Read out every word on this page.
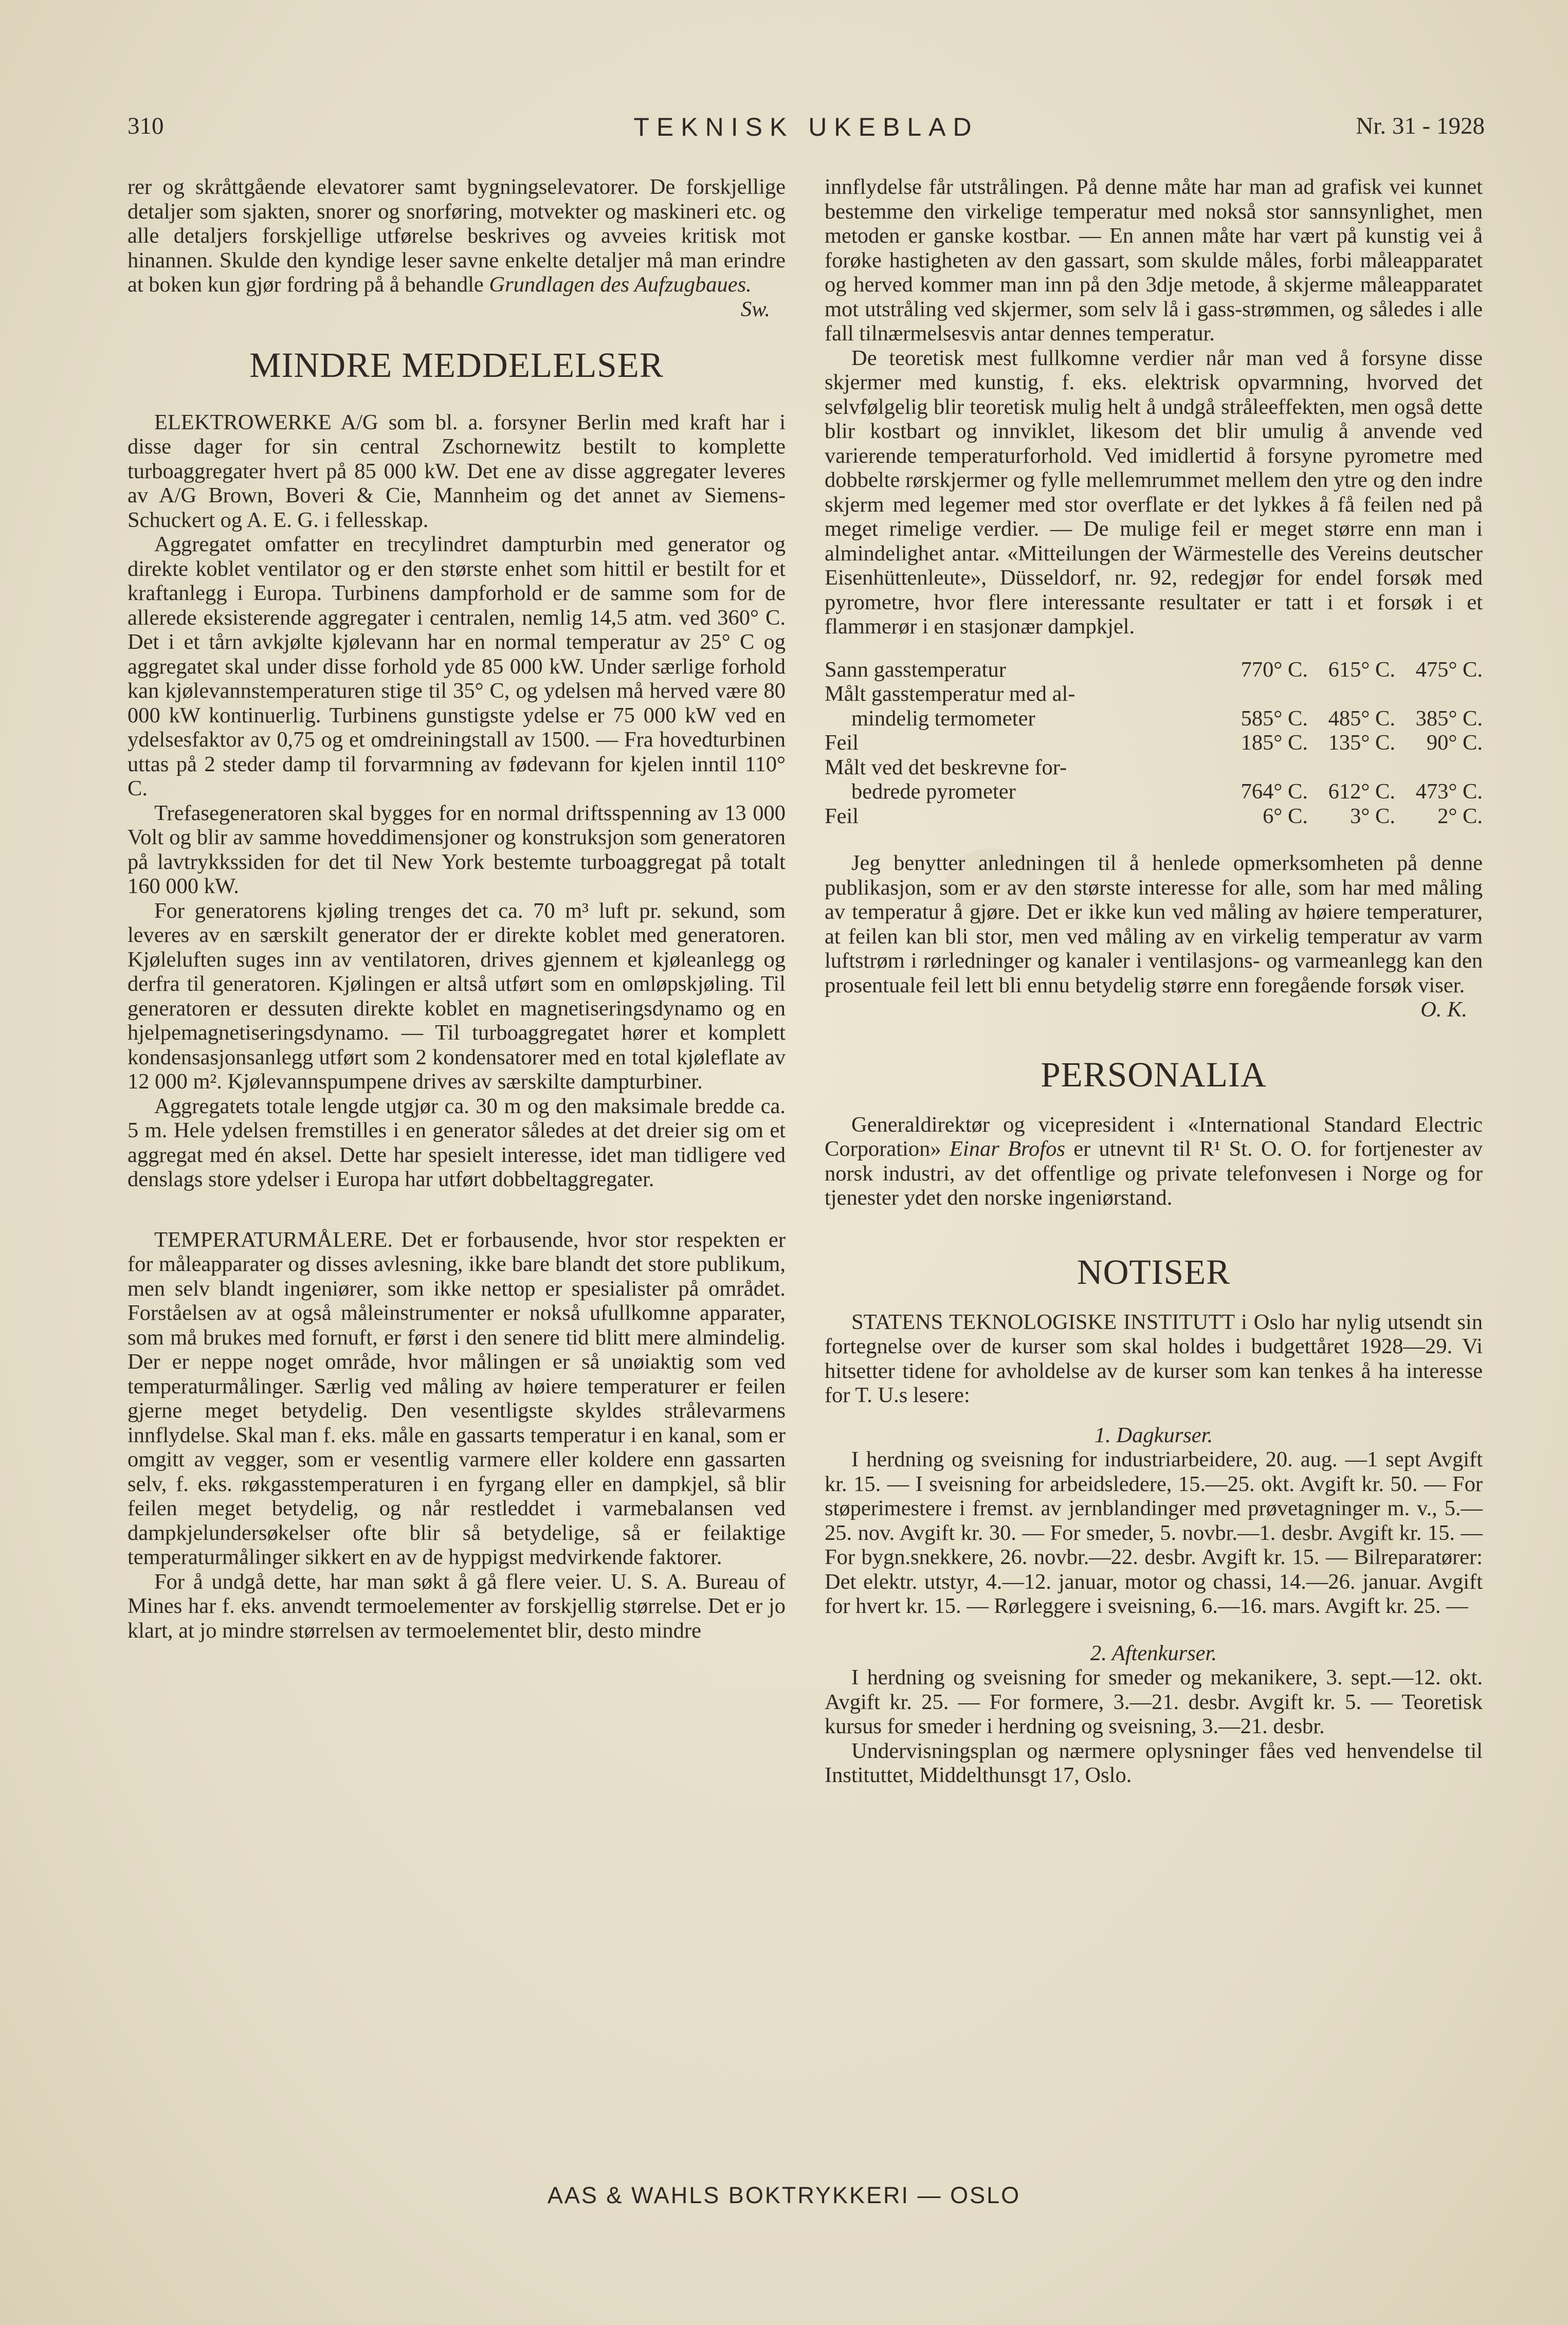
310	TEKNISK UKEBLAD	Nr. 31 - 1928

rer og skråttgående elevatorer samt bygningselevatorer. De forskjellige detaljer som sjakten, snorer og snorføring, motvekter og maskineri etc. og alle detaljers forskjellige utførelse beskrives og avveies kritisk mot hinannen. Skulde den kyndige leser savne enkelte detaljer må man erindre at boken kun gjør fordring på å behandle Grundlagen des Aufzugbaues.
Sw.

MINDRE MEDDELELSER

ELEKTROWERKE A/G som bl. a. forsyner Berlin med kraft har i disse dager for sin central Zschornewitz bestilt to komplette turboaggregater hvert på 85 000 kW. Det ene av disse aggregater leveres av A/G Brown, Boveri & Cie, Mannheim og det annet av Siemens-Schuckert og A. E. G. i fellesskap.

Aggregatet omfatter en trecylindret dampturbin med generator og direkte koblet ventilator og er den største enhet som hittil er bestilt for et kraftanlegg i Europa. Turbinens dampforhold er de samme som for de allerede eksisterende aggregater i centralen, nemlig 14,5 atm. ved 360° C. Det i et tårn avkjølte kjølevann har en normal temperatur av 25° C og aggregatet skal under disse forhold yde 85 000 kW. Under særlige forhold kan kjølevannstemperaturen stige til 35° C, og ydelsen må herved være 80 000 kW kontinuerlig. Turbinens gunstigste ydelse er 75 000 kW ved en ydelsesfaktor av 0,75 og et omdreiningstall av 1500. — Fra hovedturbinen uttas på 2 steder damp til forvarmning av fødevann for kjelen inntil 110° C.

Trefasegeneratoren skal bygges for en normal driftsspenning av 13 000 Volt og blir av samme hoveddimensjoner og konstruksjon som generatoren på lavtrykkssiden for det til New York bestemte turboaggregat på totalt 160 000 kW.

For generatorens kjøling trenges det ca. 70 m³ luft pr. sekund, som leveres av en særskilt generator der er direkte koblet med generatoren. Kjøleluften suges inn av ventilatoren, drives gjennem et kjøleanlegg og derfra til generatoren. Kjølingen er altså utført som en omløpskjøling. Til generatoren er dessuten direkte koblet en magnetiseringsdynamo og en hjelpemagnetiseringsdynamo. — Til turboaggregatet hører et komplett kondensasjonsanlegg utført som 2 kondensatorer med en total kjøleflate av 12 000 m². Kjølevannspumpene drives av særskilte dampturbiner.

Aggregatets totale lengde utgjør ca. 30 m og den maksimale bredde ca. 5 m. Hele ydelsen fremstilles i en generator således at det dreier sig om et aggregat med én aksel. Dette har spesielt interesse, idet man tidligere ved denslags store ydelser i Europa har utført dobbeltaggregater.

TEMPERATURMÅLERE. Det er forbausende, hvor stor respekten er for måleapparater og disses avlesning, ikke bare blandt det store publikum, men selv blandt ingeniører, som ikke nettop er spesialister på området. Forståelsen av at også måleinstrumenter er nokså ufullkomne apparater, som må brukes med fornuft, er først i den senere tid blitt mere almindelig. Der er neppe noget område, hvor målingen er så unøiaktig som ved temperaturmålinger. Særlig ved måling av høiere temperaturer er feilen gjerne meget betydelig. Den vesentligste skyldes strålevarmens innflydelse. Skal man f. eks. måle en gassarts temperatur i en kanal, som er omgitt av vegger, som er vesentlig varmere eller koldere enn gassarten selv, f. eks. røkgasstemperaturen i en fyrgang eller en dampkjel, så blir feilen meget betydelig, og når restleddet i varmebalansen ved dampkjelundersøkelser ofte blir så betydelige, så er feilaktige temperaturmålinger sikkert en av de hyppigst medvirkende faktorer.

For å undgå dette, har man søkt å gå flere veier. U. S. A. Bureau of Mines har f. eks. anvendt termoelementer av forskjellig størrelse. Det er jo klart, at jo mindre størrelsen av termoelementet blir, desto mindre

innflydelse får utstrålingen. På denne måte har man ad grafisk vei kunnet bestemme den virkelige temperatur med nokså stor sannsynlighet, men metoden er ganske kostbar. — En annen måte har vært på kunstig vei å forøke hastigheten av den gassart, som skulde måles, forbi måleapparatet og herved kommer man inn på den 3dje metode, å skjerme måleapparatet mot utstråling ved skjermer, som selv lå i gass-strømmen, og således i alle fall tilnærmelsesvis antar dennes temperatur.

De teoretisk mest fullkomne verdier når man ved å forsyne disse skjermer med kunstig, f. eks. elektrisk opvarmning, hvorved det selvfølgelig blir teoretisk mulig helt å undgå stråleeffekten, men også dette blir kostbart og innviklet, likesom det blir umulig å anvende ved varierende temperaturforhold. Ved imidlertid å forsyne pyrometre med dobbelte rørskjermer og fylle mellemrummet mellem den ytre og den indre skjerm med legemer med stor overflate er det lykkes å få feilen ned på meget rimelige verdier. — De mulige feil er meget større enn man i almindelighet antar. «Mitteilungen der Wärmestelle des Vereins deutscher Eisenhüttenleute», Düsseldorf, nr. 92, redegjør for endel forsøk med pyrometre, hvor flere interessante resultater er tatt i et forsøk i et flammerør i en stasjonær dampkjel.

Sann gasstemperatur	770° C.	615° C.	475° C.
Målt gasstemperatur med al-
mindelig termometer	585° C.	485° C.	385° C.
Feil	185° C.	135° C.	90° C.
Målt ved det beskrevne for-
bedrede pyrometer	764° C.	612° C.	473° C.
Feil	6° C.	3° C.	2° C.

Jeg benytter anledningen til å henlede opmerksomheten på denne publikasjon, som er av den største interesse for alle, som har med måling av temperatur å gjøre. Det er ikke kun ved måling av høiere temperaturer, at feilen kan bli stor, men ved måling av en virkelig temperatur av varm luftstrøm i rørledninger og kanaler i ventilasjons- og varmeanlegg kan den prosentuale feil lett bli ennu betydelig større enn foregående forsøk viser.
O. K.

PERSONALIA

Generaldirektør og vicepresident i «International Standard Electric Corporation» Einar Brofos er utnevnt til R¹ St. O. O. for fortjenester av norsk industri, av det offentlige og private telefonvesen i Norge og for tjenester ydet den norske ingeniørstand.

NOTISER

STATENS TEKNOLOGISKE INSTITUTT i Oslo har nylig utsendt sin fortegnelse over de kurser som skal holdes i budgettåret 1928—29. Vi hitsetter tidene for avholdelse av de kurser som kan tenkes å ha interesse for T. U.s lesere:

1. Dagkurser.

I herdning og sveisning for industriarbeidere, 20. aug. —1 sept Avgift kr. 15. — I sveisning for arbeidsledere, 15.—25. okt. Avgift kr. 50. — For støperimestere i fremst. av jernblandinger med prøvetagninger m. v., 5.—25. nov. Avgift kr. 30. — For smeder, 5. novbr.—1. desbr. Avgift kr. 15. — For bygn.snekkere, 26. novbr.—22. desbr. Avgift kr. 15. — Bilreparatører: Det elektr. utstyr, 4.—12. januar, motor og chassi, 14.—26. januar. Avgift for hvert kr. 15. — Rørleggere i sveisning, 6.—16. mars. Avgift kr. 25. —

2. Aftenkurser.

I herdning og sveisning for smeder og mekanikere, 3. sept.—12. okt. Avgift kr. 25. — For formere, 3.—21. desbr. Avgift kr. 5. — Teoretisk kursus for smeder i herdning og sveisning, 3.—21. desbr.

Undervisningsplan og nærmere oplysninger fåes ved henvendelse til Instituttet, Middelthunsgt 17, Oslo.

AAS & WAHLS BOKTRYKKERI — OSLO
